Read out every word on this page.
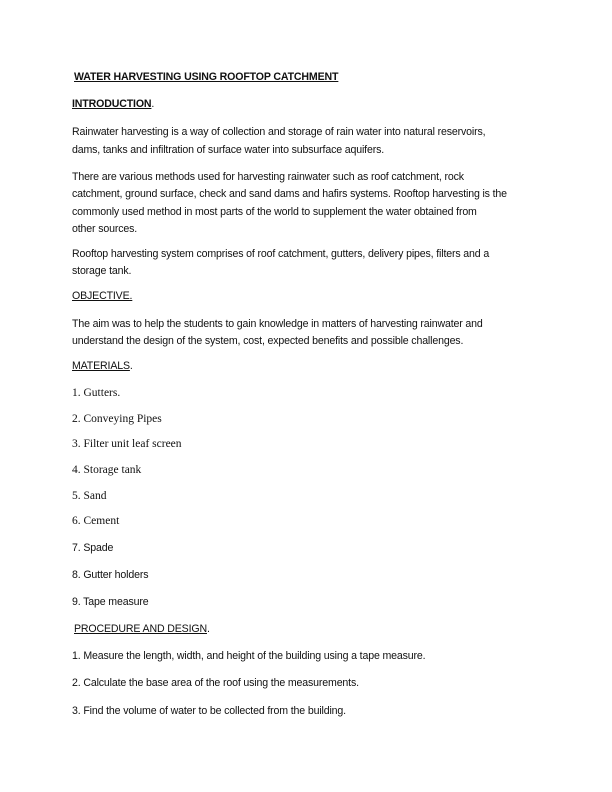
WATER HARVESTING USING ROOFTOP CATCHMENT
INTRODUCTION.
Rainwater harvesting is a way of collection and storage of rain water into natural reservoirs,
dams, tanks and infiltration of surface water into subsurface aquifers.
There are various methods used for harvesting rainwater such as roof catchment, rock
catchment, ground surface, check and sand dams and hafirs systems. Rooftop harvesting is the
commonly used method in most parts of the world to supplement the water obtained from
other sources.
Rooftop harvesting system comprises of roof catchment, gutters, delivery pipes, filters and a
storage tank.
OBJECTIVE.
The aim was to help the students to gain knowledge in matters of harvesting rainwater and
understand the design of the system, cost, expected benefits and possible challenges.
MATERIALS.
1. Gutters.
2. Conveying Pipes
3. Filter unit leaf screen
4. Storage tank
5. Sand
6. Cement
7. Spade
8. Gutter holders
9. Tape measure
PROCEDURE AND DESIGN.
1. Measure the length, width, and height of the building using a tape measure.
2. Calculate the base area of the roof using the measurements.
3. Find the volume of water to be collected from the building.
